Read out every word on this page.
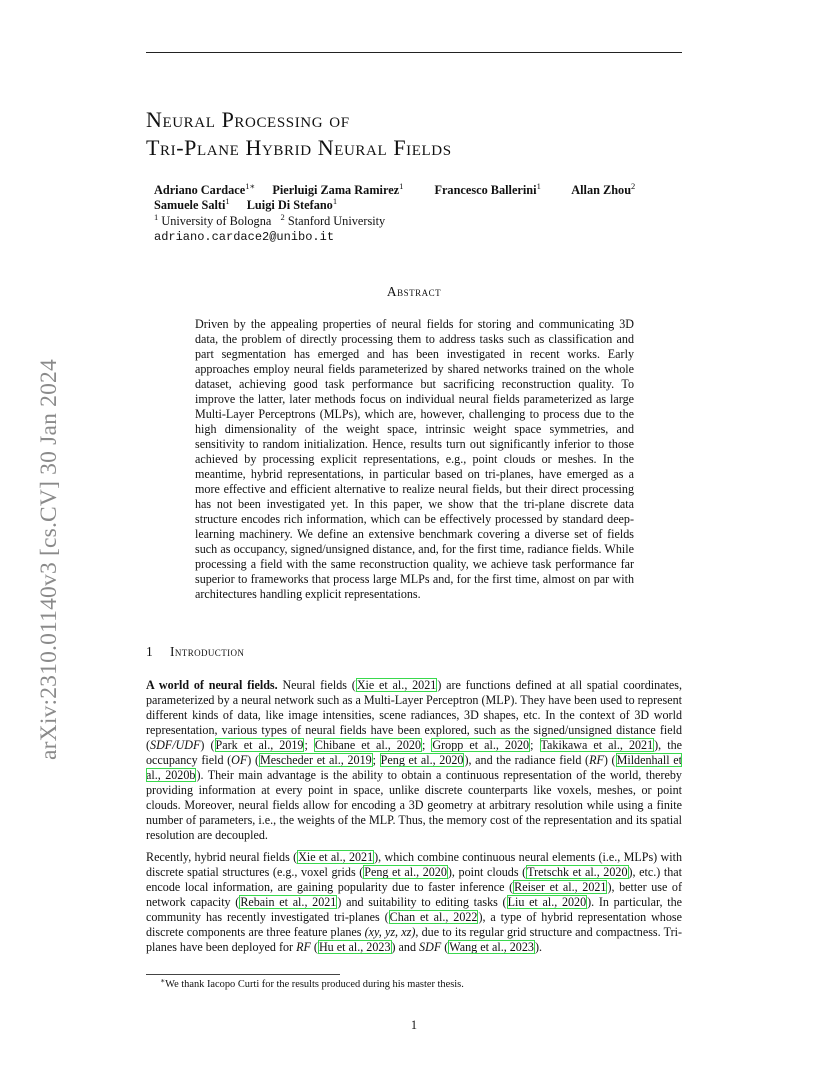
arXiv:2310.01140v3 [cs.CV] 30 Jan 2024
Neural Processing of
Tri-Plane Hybrid Neural Fields
Adriano Cardace$^{1∗}$ Pierluigi Zama Ramirez$^1$	Francesco Ballerini$^1$ Allan Zhou$^2$
Samuele Salti$^1$ Luigi Di Stefano$^1$
$^1$ University of Bologna $^2$ Stanford University
adriano.cardace2@unibo.it
Abstract
Driven by the appealing properties of neural fields for storing and communicating 3D data, the problem of directly processing them to address tasks such as classification and part segmentation has emerged and has been investigated in recent works. Early approaches employ neural fields parameterized by shared networks trained on the whole dataset, achieving good task performance but sacrificing reconstruction quality. To improve the latter, later methods focus on individual neural fields parameterized as large Multi-Layer Perceptrons (MLPs), which are, however, challenging to process due to the high dimensionality of the weight space, intrinsic weight space symmetries, and sensitivity to random initialization. Hence, results turn out significantly inferior to those achieved by processing explicit representations, e.g., point clouds or meshes. In the meantime, hybrid representations, in particular based on tri-planes, have emerged as a more effective and efficient alternative to realize neural fields, but their direct processing has not been investigated yet. In this paper, we show that the tri-plane discrete data structure encodes rich information, which can be effectively processed by standard deep-learning machinery. We define an extensive benchmark covering a diverse set of fields such as occupancy, signed/unsigned distance, and, for the first time, radiance fields. While processing a field with the same reconstruction quality, we achieve task performance far superior to frameworks that process large MLPs and, for the first time, almost on par with architectures handling explicit representations.
1 Introduction
A world of neural fields. Neural fields (Xie et al., 2021) are functions defined at all spatial coordinates, parameterized by a neural network such as a Multi-Layer Perceptron (MLP). They have been used to represent different kinds of data, like image intensities, scene radiances, 3D shapes, etc. In the context of 3D world representation, various types of neural fields have been explored, such as the signed/unsigned distance field (SDF/UDF) (Park et al., 2019; Chibane et al., 2020; Gropp et al., 2020; Takikawa et al., 2021), the occupancy field (OF) (Mescheder et al., 2019; Peng et al., 2020), and the radiance field (RF) (Mildenhall et al., 2020b). Their main advantage is the ability to obtain a continuous representation of the world, thereby providing information at every point in space, unlike discrete counterparts like voxels, meshes, or point clouds. Moreover, neural fields allow for encoding a 3D geometry at arbitrary resolution while using a finite number of parameters, i.e., the weights of the MLP. Thus, the memory cost of the representation and its spatial resolution are decoupled.
Recently, hybrid neural fields (Xie et al., 2021), which combine continuous neural elements (i.e., MLPs) with discrete spatial structures (e.g., voxel grids (Peng et al., 2020), point clouds (Tretschk et al., 2020), etc.) that encode local information, are gaining popularity due to faster inference (Reiser et al., 2021), better use of network capacity (Rebain et al., 2021) and suitability to editing tasks (Liu et al., 2020). In particular, the community has recently investigated tri-planes (Chan et al., 2022), a type of hybrid representation whose discrete components are three feature planes (xy, yz, xz), due to its regular grid structure and compactness. Tri-planes have been deployed for RF (Hu et al., 2023) and SDF (Wang et al., 2023).
∗We thank Iacopo Curti for the results produced during his master thesis.
1
